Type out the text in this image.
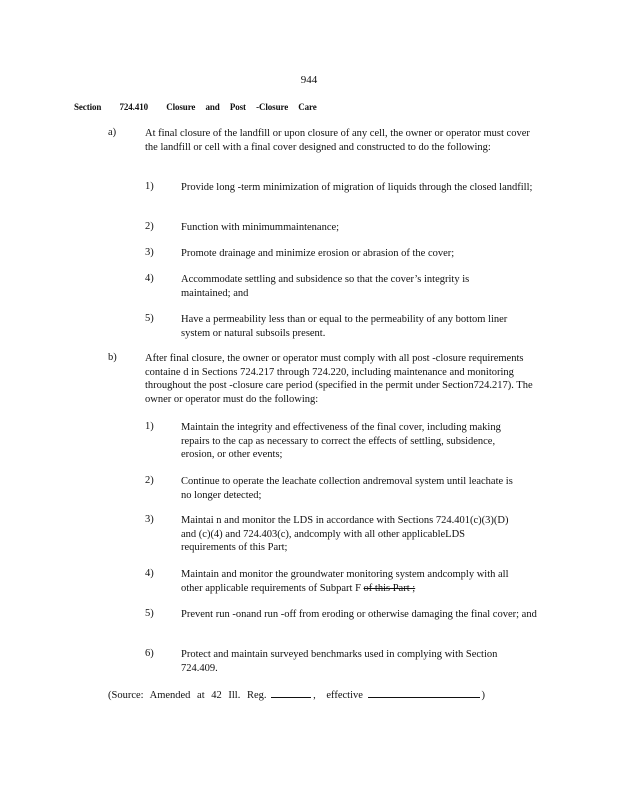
944
Section 724.410 Closure and Post -Closure Care
a)	At final closure of the landfill or upon closure of any cell, the owner or operator must cover the landfill or cell with a final cover designed and constructed to do the following:
1)	Provide long -term minimization of migration of liquids through the closed landfill;
2)	Function with minimummaintenance;
3)	Promote drainage and minimize erosion or abrasion of the cover;
4)	Accommodate settling and subsidence so that the cover’s integrity is maintained; and
5)	Have a permeability less than or equal to the permeability of any bottom liner system or natural subsoils present.
b)	After final closure, the owner or operator must comply with all post -closure requirements containe d in Sections 724.217 through 724.220, including maintenance and monitoring throughout the post -closure care period (specified in the permit under Section724.217). The owner or operator must do the following:
1)	Maintain the integrity and effectiveness of the final cover, including making repairs to the cap as necessary to correct the effects of settling, subsidence, erosion, or other events;
2)	Continue to operate the leachate collection andremoval system until leachate is no longer detected;
3)	Maintai n and monitor the LDS in accordance with Sections 724.401(c)(3)(D) and (c)(4) and 724.403(c), andcomply with all other applicableLDS requirements of this Part;
4)	Maintain and monitor the groundwater monitoring system andcomply with all other applicable requirements of Subpart F of this Part ;
5)	Prevent run -onand run -off from eroding or otherwise damaging the final cover; and
6)	Protect and maintain surveyed benchmarks used in complying with Section 724.409.
(Source: Amended at 42 Ill. Reg.	, effective	)
